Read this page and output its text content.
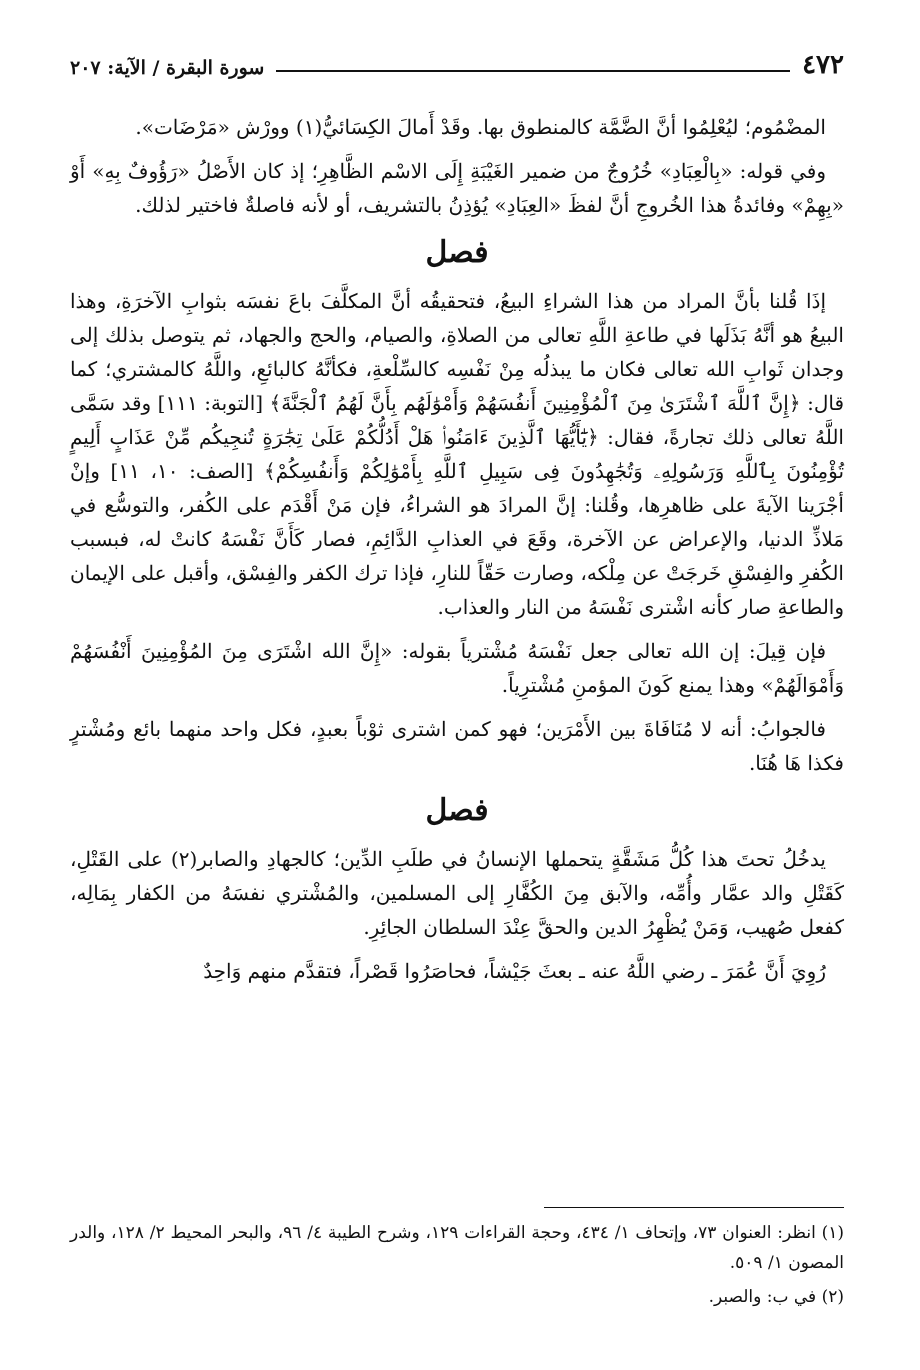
٤٧٢
سورة البقرة / الآية: ٢٠٧

المضْمُوم؛ ليُعْلِمُوا أنَّ الضَّمَّة كالمنطوق بها. وقَدْ أَمالَ الكِسَائيُّ(١) وورْش «مَرْضَات».

وفي قوله: «بِالْعِبَادِ» خُرُوجٌ من ضمير الغَيْبَةِ إِلَى الاسْم الظَّاهِرِ؛ إذ كان الأَصْلُ «رَؤُوفٌ بِهِ» أَوْ «بِهِمْ» وفائدةُ هذا الخُروجِ أنَّ لفظَ «العِبَادِ» يُؤذِنُ بالتشريف، أو لأنه فاصلةٌ فاختير لذلك.

فصل

إذَا قُلنا بأنَّ المراد من هذا الشراءِ البيعُ، فتحقيقُه أنَّ المكلَّفَ باعَ نفسَه بثوابِ الآخرَةِ، وهذا البيعُ هو أنَّهُ بَذَلَها في طاعةِ اللَّهِ تعالى من الصلاةِ، والصيام، والحج والجهاد، ثم يتوصل بذلك إلى وجدان ثَوابِ الله تعالى فكان ما يبذلُه مِنْ نَفْسِه كالسِّلْعةِ، فكأنَّهُ كالبائعِ، واللَّهُ كالمشتري؛ كما قال: ﴿إِنَّ ٱللَّهَ ٱشْتَرَىٰ مِنَ ٱلْمُؤْمِنِينَ أَنفُسَهُمْ وَأَمْوَٰلَهُم بِأَنَّ لَهُمُ ٱلْجَنَّةَ﴾ [التوبة: ١١١] وقد سَمَّى اللَّهُ تعالى ذلك تجارةً، فقال: ﴿يَٰٓأَيُّهَا ٱلَّذِينَ ءَامَنُوا۟ هَلْ أَدُلُّكُمْ عَلَىٰ تِجَٰرَةٍ تُنجِيكُم مِّنْ عَذَابٍ أَلِيمٍ تُؤْمِنُونَ بِٱللَّهِ وَرَسُولِهِۦ وَتُجَٰهِدُونَ فِى سَبِيلِ ٱللَّهِ بِأَمْوَٰلِكُمْ وَأَنفُسِكُمْ﴾ [الصف: ١٠، ١١] وإنْ أجْرَينا الآيةَ على ظاهرِها، وقُلنا: إنَّ المرادَ هو الشراءُ، فإن مَنْ أَقْدَم على الكُفر، والتوسُّع في مَلاذِّ الدنيا، والإعراض عن الآخرة، وقَعَ في العذابِ الدَّائِمِ، فصار كَأَنَّ نَفْسَهُ كانتْ له، فبسبب الكُفرِ والفِسْقِ خَرجَتْ عن مِلْكه، وصارت حَقّاً للنارِ، فإذا ترك الكفر والفِسْق، وأقبل على الإيمان والطاعةِ صار كأنه اشْترى نَفْسَهُ من النار والعذاب.

فإن قِيلَ: إن الله تعالى جعل نَفْسَهُ مُشْترياً بقوله: «إِنَّ الله اشْتَرَى مِنَ المُؤْمِنِينَ أَنْفُسَهُمْ وَأَمْوَالَهُمْ» وهذا يمنع كَونَ المؤمنِ مُشْترِياً.

فالجوابُ: أنه لا مُنَافَاةَ بين الأَمْرَين؛ فهو كمن اشترى ثوْباً بعبدٍ، فكل واحد منهما بائع ومُشْترٍ فكذا هَا هُنَا.

فصل

يدخُلُ تحتَ هذا كُلُّ مَشَقَّةٍ يتحملها الإنسانُ في طلَبِ الدِّين؛ كالجهادِ والصابر(٢) على القَتْلِ، كَقَتْلِ والد عمَّار وأُمِّه، والآبق مِنَ الكُفَّارِ إلى المسلمين، والمُشْتري نفسَهُ من الكفار بِمَالِه، كفعل صُهيب، وَمَنْ يُظْهِرُ الدين والحقَّ عِنْدَ السلطان الجائِرِ.

رُوِيَ أَنَّ عُمَرَ ـ رضي اللَّهُ عنه ـ بعثَ جَيْشاً، فحاصَرُوا قَصْراً، فتقدَّم منهم وَاحِدٌ

(١) انظر: العنوان ٧٣، وإتحاف ١/ ٤٣٤، وحجة القراءات ١٢٩، وشرح الطيبة ٤/ ٩٦، والبحر المحيط ٢/ ١٢٨، والدر المصون ١/ ٥٠٩.

(٢) في ب: والصبر.
